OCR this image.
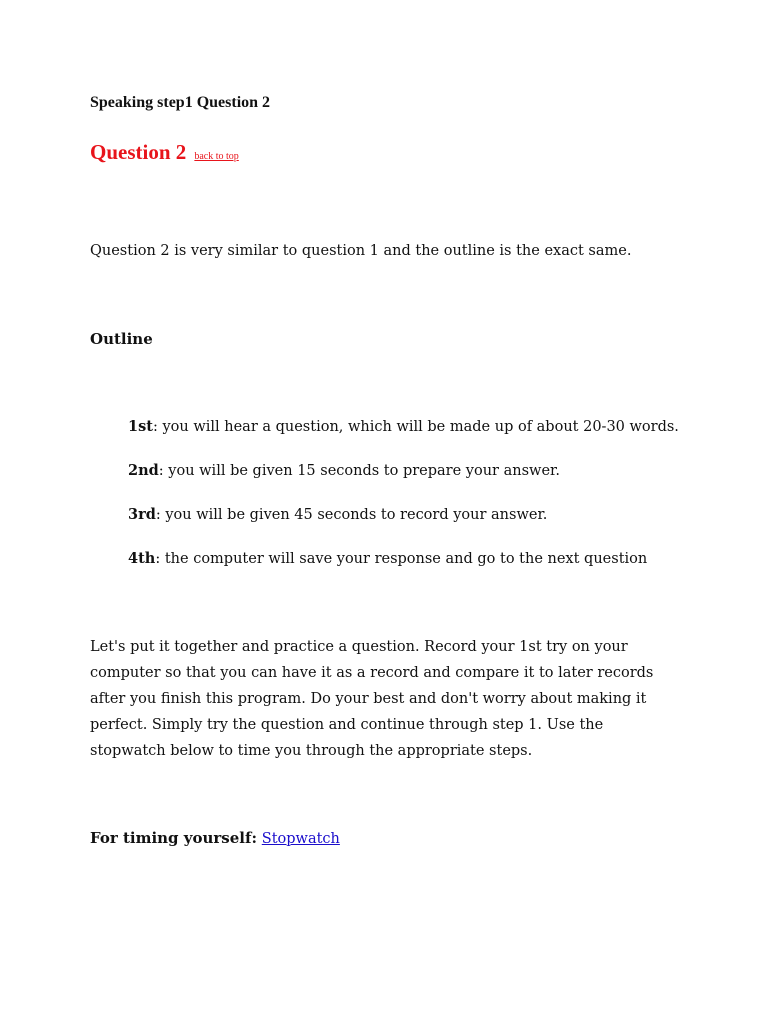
Speaking step1 Question 2
Question 2 back to top

Question 2 is very similar to question 1 and the outline is the exact same.

Outline
1st: you will hear a question, which will be made up of about 20-30 words.
2nd: you will be given 15 seconds to prepare your answer.
3rd: you will be given 45 seconds to record your answer.
4th: the computer will save your response and go to the next question

Let's put it together and practice a question. Record your 1st try on your computer so that you can have it as a record and compare it to later records after you finish this program. Do your best and don't worry about making it perfect. Simply try the question and continue through step 1. Use the stopwatch below to time you through the appropriate steps.

For timing yourself: Stopwatch
